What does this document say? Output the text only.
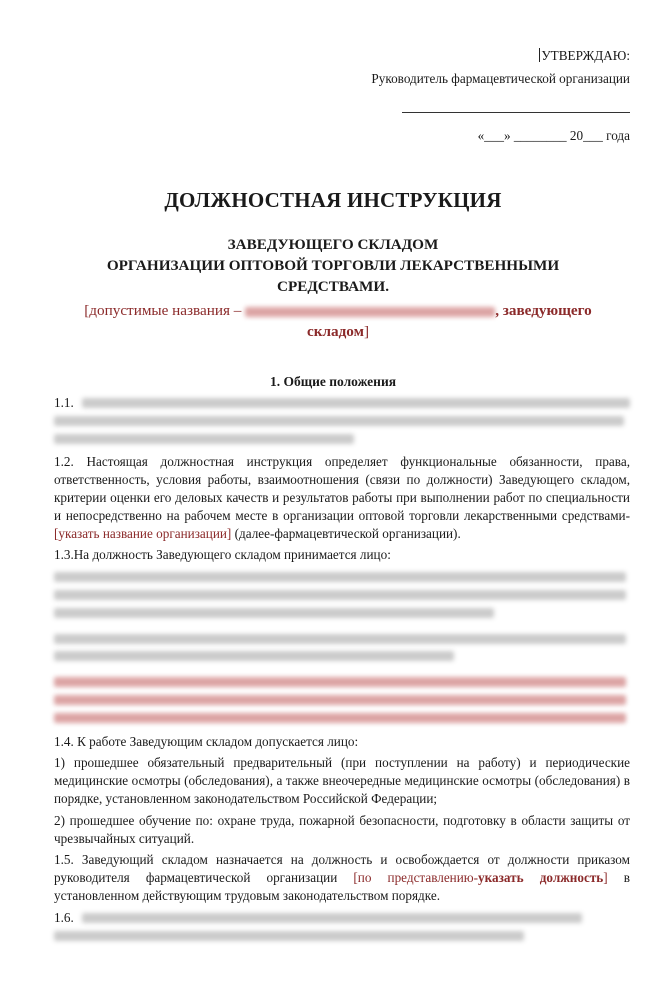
УТВЕРЖДАЮ:
Руководитель фармацевтической организации
«___» ________ 20___ года
ДОЛЖНОСТНАЯ ИНСТРУКЦИЯ
ЗАВЕДУЮЩЕГО СКЛАДОМ
ОРГАНИЗАЦИИ ОПТОВОЙ ТОРГОВЛИ ЛЕКАРСТВЕННЫМИ СРЕДСТВАМИ.
[допустимые названия –	, заведующего складом]
1. Общие положения
1.1.

1.2. Настоящая должностная инструкция определяет функциональные обязанности, права, ответственность, условия работы, взаимоотношения (связи по должности) Заведующего складом, критерии оценки его деловых качеств и результатов работы при выполнении работ по специальности и непосредственно на рабочем месте в организации оптовой торговли лекарственными средствами-[указать название организации] (далее-фармацевтической организации).

1.3.На должность Заведующего складом принимается лицо:

1.4. К работе Заведующим складом допускается лицо:

1) прошедшее обязательный предварительный (при поступлении на работу) и периодические медицинские осмотры (обследования), а также внеочередные медицинские осмотры (обследования) в порядке, установленном законодательством Российской Федерации;

2) прошедшее обучение по: охране труда, пожарной безопасности, подготовку в области защиты от чрезвычайных ситуаций.

1.5. Заведующий складом назначается на должность и освобождается от должности приказом руководителя фармацевтической организации [по представлению-указать должность] в установленном действующим трудовым законодательством порядке.

1.6.
